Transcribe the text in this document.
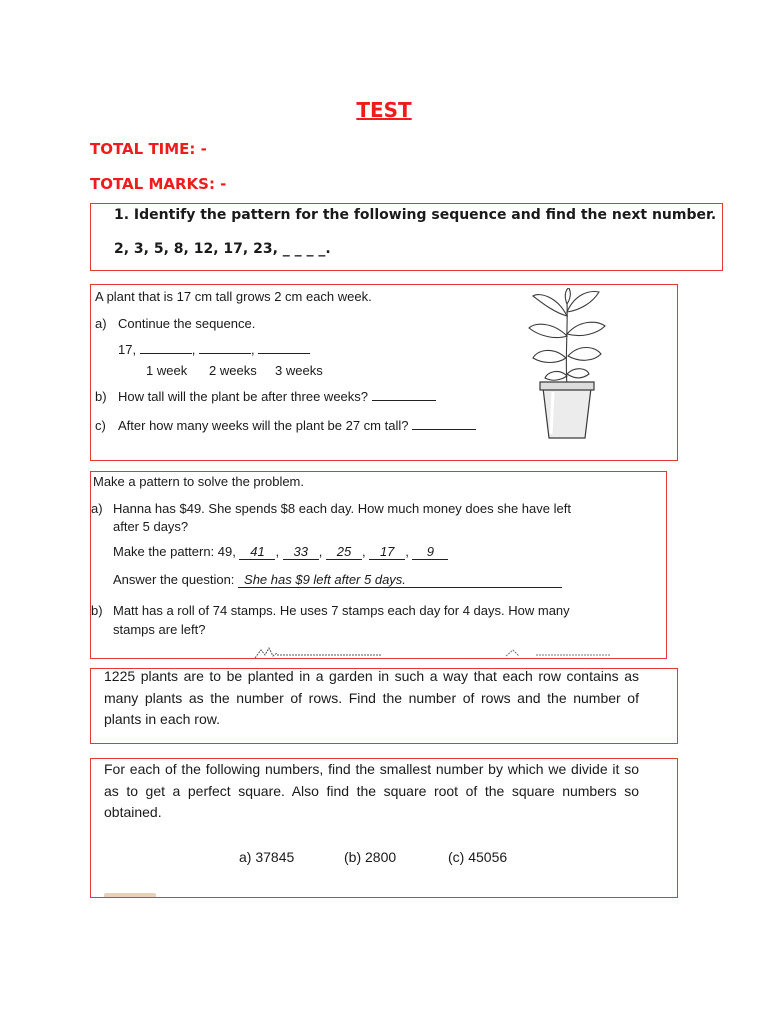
TEST
TOTAL TIME: -
TOTAL MARKS: -
1. Identify the pattern for the following sequence and find the next number.
2, 3, 5, 8, 12, 17, 23, _ _ _ _.
A plant that is 17 cm tall grows 2 cm each week.
a) Continue the sequence.
17,	,	,
1 week 2 weeks 3 weeks
b) How tall will the plant be after three weeks?
c) After how many weeks will the plant be 27 cm tall?
Make a pattern to solve the problem.
a) Hanna has $49. She spends $8 each day. How much money does she have left
after 5 days?
Make the pattern: 49, 41 , 33 , 25 , 17 , 9
Answer the question: She has $9 left after 5 days.
b) Matt has a roll of 74 stamps. He uses 7 stamps each day for 4 days. How many
stamps are left?
1225 plants are to be planted in a garden in such a way that each row contains as many plants as the number of rows. Find the number of rows and the number of plants in each row.
For each of the following numbers, find the smallest number by which we divide it so as to get a perfect square. Also find the square root of the square numbers so obtained.
a) 37845	(b) 2800	(c) 45056
